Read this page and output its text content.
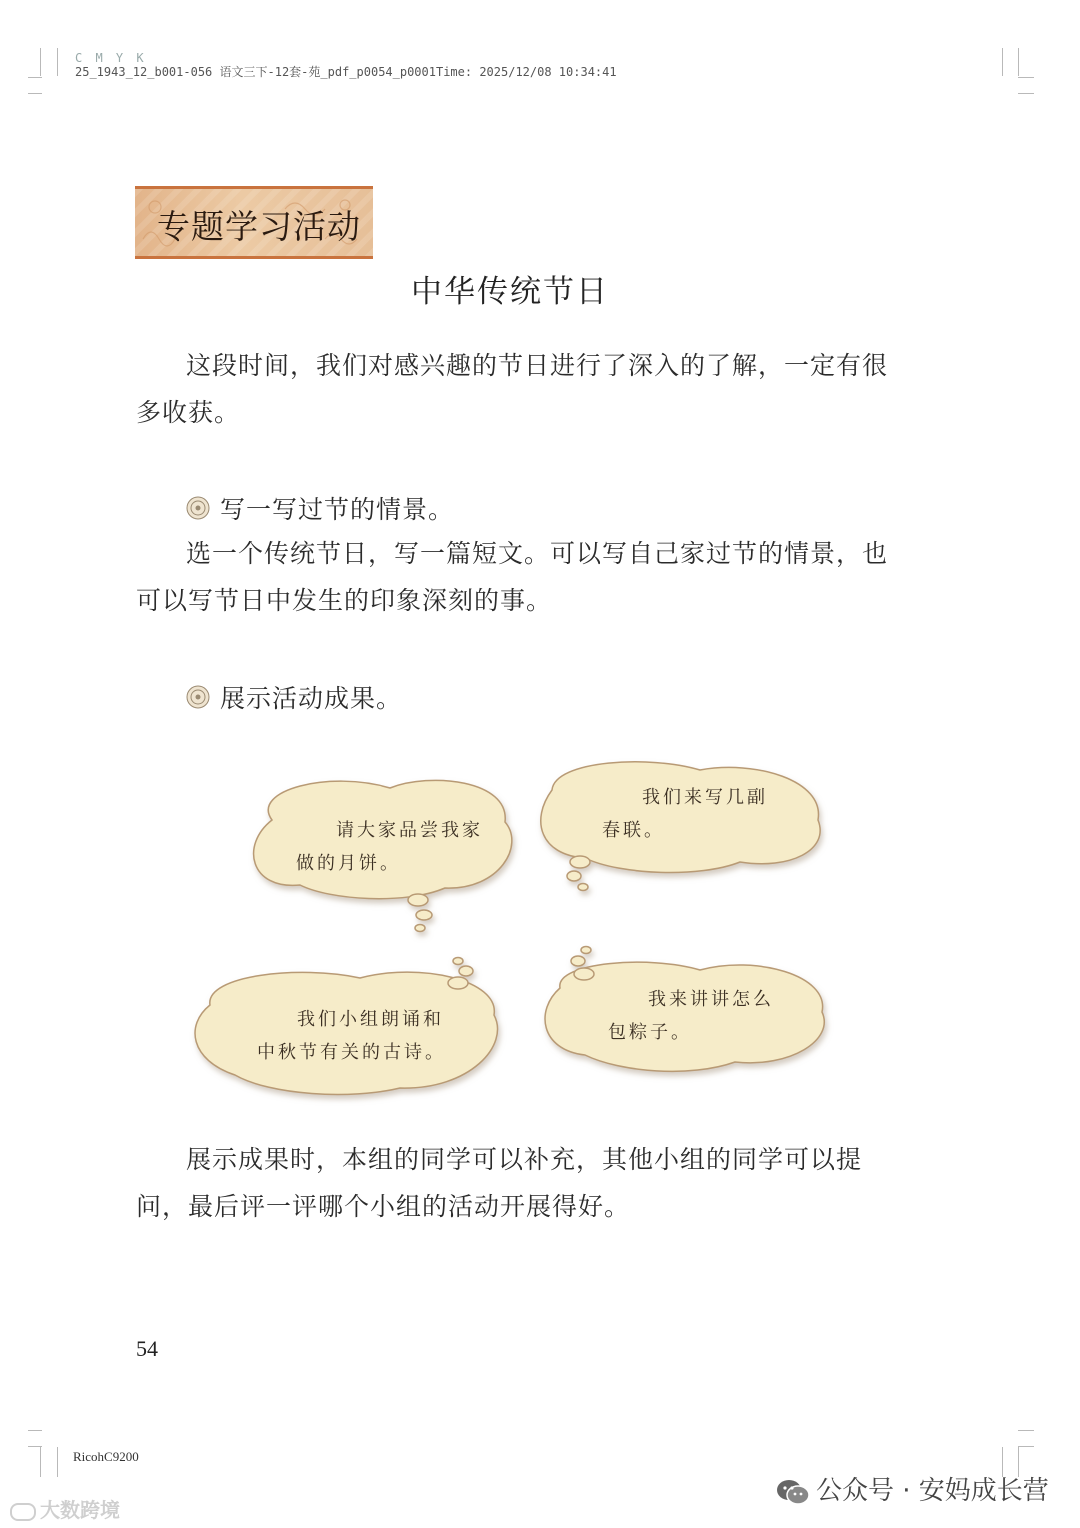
C M Y K
25_1943_12_b001-056 语文三下-12套-苑_pdf_p0054_p0001Time: 2025/12/08 10:34:41
专题学习活动
中华传统节日
这段时间，我们对感兴趣的节日进行了深入的了解，一定有很多收获。
写一写过节的情景。
选一个传统节日，写一篇短文。可以写自己家过节的情景，也可以写节日中发生的印象深刻的事。
展示活动成果。
请大家品尝我家
做的月饼。
我们来写几副
春联。
我们小组朗诵和
中秋节有关的古诗。
我来讲讲怎么
包粽子。
展示成果时，本组的同学可以补充，其他小组的同学可以提问，最后评一评哪个小组的活动开展得好。
54
RicohC9200
大数跨境
公众号 · 安妈成长营
